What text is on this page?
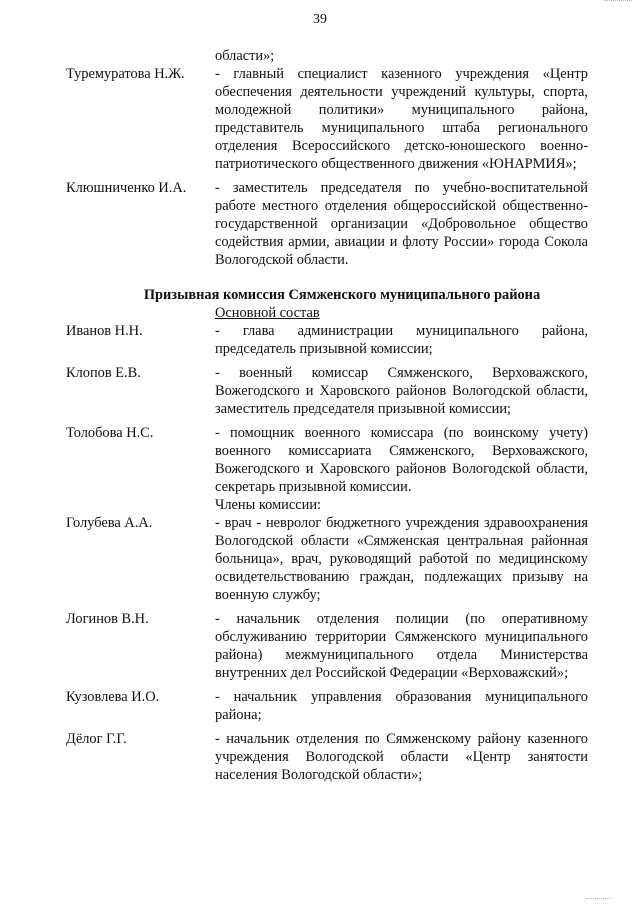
39
области»;
Туремуратова Н.Ж.	- главный специалист казенного учреждения «Центр обеспечения деятельности учреждений культуры, спорта, молодежной политики» муниципального района, представитель муниципального штаба регионального отделения Всероссийского детско-юношеского военно-патриотического общественного движения «ЮНАРМИЯ»;
Клюшниченко И.А.	- заместитель председателя по учебно-воспитательной работе местного отделения общероссийской общественно-государственной организации «Добровольное общество содействия армии, авиации и флоту России» города Сокола Вологодской области.
Призывная комиссия Сямженского муниципального района
Основной состав
Иванов Н.Н.	- глава администрации муниципального района, председатель призывной комиссии;
Клопов Е.В.	- военный комиссар Сямженского, Верховажского, Вожегодского и Харовского районов Вологодской области, заместитель председателя призывной комиссии;
Толобова Н.С.	- помощник военного комиссара (по воинскому учету) военного комиссариата Сямженского, Верховажского, Вожегодского и Харовского районов Вологодской области, секретарь призывной комиссии.
Члены комиссии:
Голубева А.А.	- врач - невролог бюджетного учреждения здравоохранения Вологодской области «Сямженская центральная районная больница», врач, руководящий работой по медицинскому освидетельствованию граждан, подлежащих призыву на военную службу;
Логинов В.Н.	- начальник отделения полиции (по оперативному обслуживанию территории Сямженского муниципального района) межмуниципального отдела Министерства внутренних дел Российской Федерации «Верховажский»;
Кузовлева И.О.	- начальник управления образования муниципального района;
Дёлог Г.Г.	- начальник отделения по Сямженскому району казенного учреждения Вологодской области «Центр занятости населения Вологодской области»;
